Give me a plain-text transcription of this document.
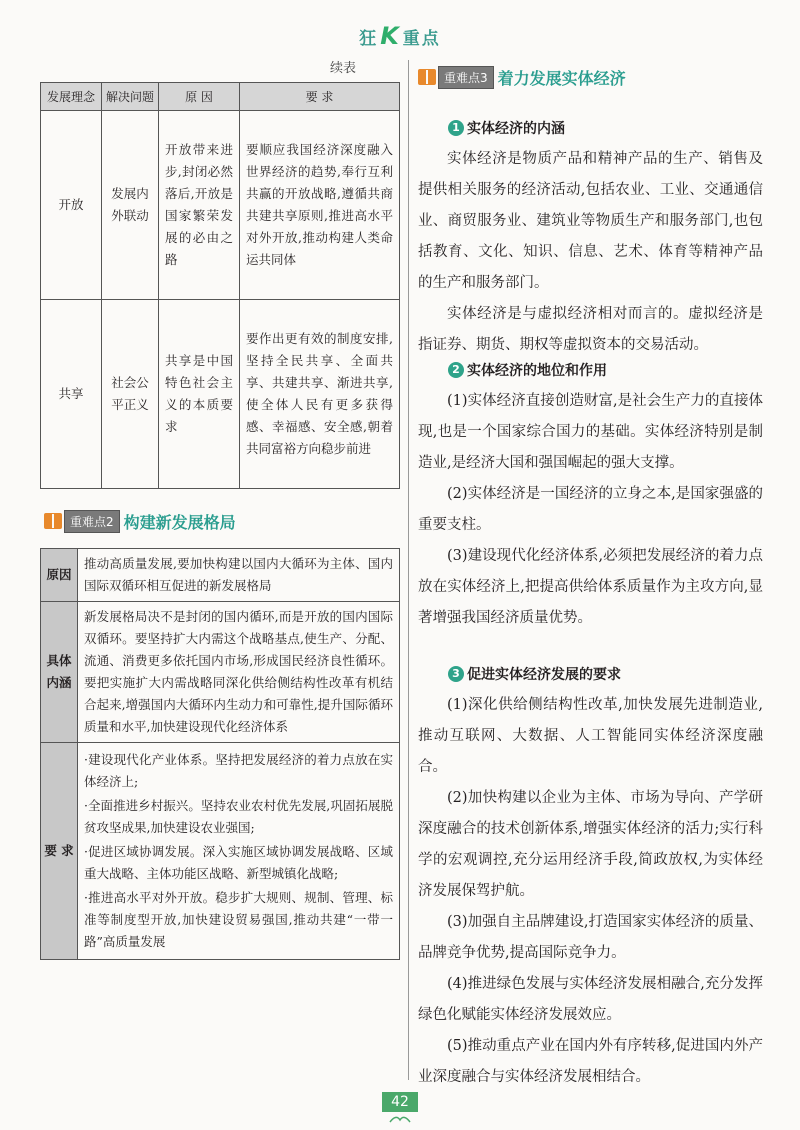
狂K 重点
续表
发展理念	解决问题	原 因	要 求
开放	发展内外联动	开放带来进步,封闭必然落后,开放是国家繁荣发展的必由之路	要顺应我国经济深度融入世界经济的趋势,奉行互利共赢的开放战略,遵循共商共建共享原则,推进高水平对外开放,推动构建人类命运共同体
共享	社会公平正义	共享是中国特色社会主义的本质要求	要作出更有效的制度安排,坚持全民共享、全面共享、共建共享、渐进共享,使全体人民有更多获得感、幸福感、安全感,朝着共同富裕方向稳步前进
重难点2 构建新发展格局
原因	推动高质量发展,要加快构建以国内大循环为主体、国内国际双循环相互促进的新发展格局
具体内涵	新发展格局决不是封闭的国内循环,而是开放的国内国际双循环。要坚持扩大内需这个战略基点,使生产、分配、流通、消费更多依托国内市场,形成国民经济良性循环。要把实施扩大内需战略同深化供给侧结构性改革有机结合起来,增强国内大循环内生动力和可靠性,提升国际循环质量和水平,加快建设现代化经济体系
要 求	·建设现代化产业体系。坚持把发展经济的着力点放在实体经济上;

·全面推进乡村振兴。坚持农业农村优先发展,巩固拓展脱贫攻坚成果,加快建设农业强国;

·促进区域协调发展。深入实施区域协调发展战略、区域重大战略、主体功能区战略、新型城镇化战略;

·推进高水平对外开放。稳步扩大规则、规制、管理、标准等制度型开放,加快建设贸易强国,推动共建“一带一路”高质量发展

重难点3 着力发展实体经济
1 实体经济的内涵

实体经济是物质产品和精神产品的生产、销售及提供相关服务的经济活动,包括农业、工业、交通通信业、商贸服务业、建筑业等物质生产和服务部门,也包括教育、文化、知识、信息、艺术、体育等精神产品的生产和服务部门。

实体经济是与虚拟经济相对而言的。虚拟经济是指证券、期货、期权等虚拟资本的交易活动。

2 实体经济的地位和作用

(1)实体经济直接创造财富,是社会生产力的直接体现,也是一个国家综合国力的基础。实体经济特别是制造业,是经济大国和强国崛起的强大支撑。

(2)实体经济是一国经济的立身之本,是国家强盛的重要支柱。

(3)建设现代化经济体系,必须把发展经济的着力点放在实体经济上,把提高供给体系质量作为主攻方向,显著增强我国经济质量优势。

3 促进实体经济发展的要求

(1)深化供给侧结构性改革,加快发展先进制造业,推动互联网、大数据、人工智能同实体经济深度融合。

(2)加快构建以企业为主体、市场为导向、产学研深度融合的技术创新体系,增强实体经济的活力;实行科学的宏观调控,充分运用经济手段,简政放权,为实体经济发展保驾护航。

(3)加强自主品牌建设,打造国家实体经济的质量、品牌竞争优势,提高国际竞争力。

(4)推进绿色发展与实体经济发展相融合,充分发挥绿色化赋能实体经济发展效应。

(5)推动重点产业在国内外有序转移,促进国内外产业深度融合与实体经济发展相结合。

42
